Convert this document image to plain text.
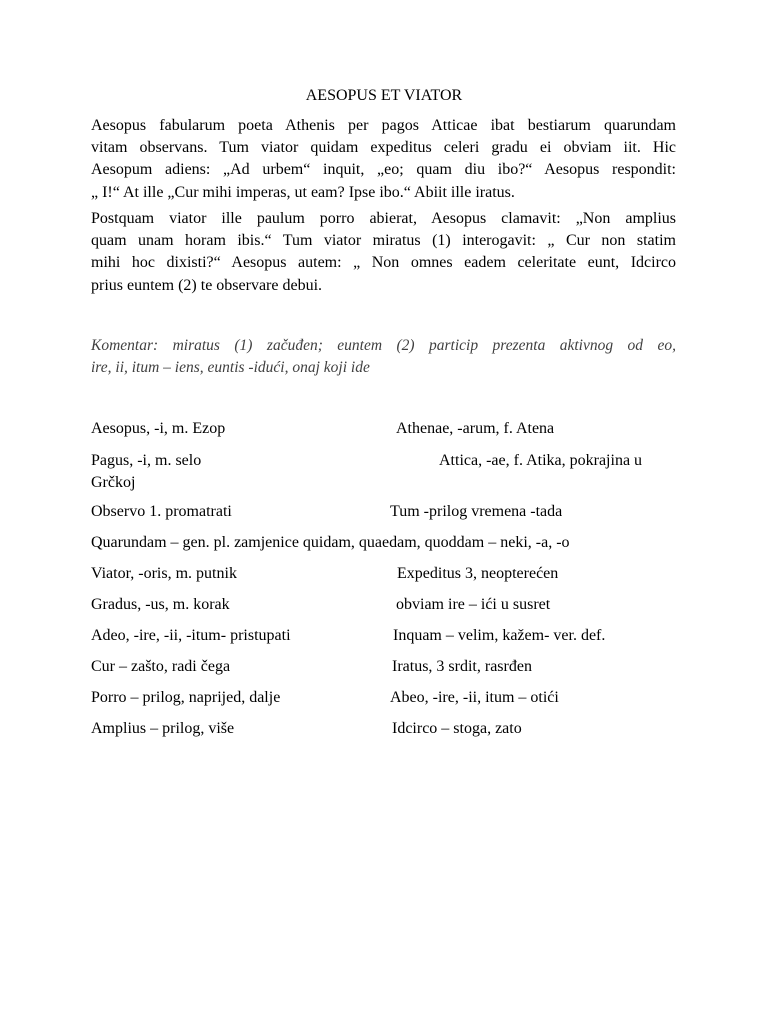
AESOPUS ET VIATOR
Aesopus fabularum poeta Athenis per pagos Atticae ibat bestiarum quarundam
vitam observans. Tum viator quidam expeditus celeri gradu ei obviam iit. Hic
Aesopum adiens: „Ad urbem“ inquit, „eo; quam diu ibo?“ Aesopus respondit:
„ I!“ At ille „Cur mihi imperas, ut eam? Ipse ibo.“ Abiit ille iratus.
Postquam viator ille paulum porro abierat, Aesopus clamavit: „Non amplius
quam unam horam ibis.“ Tum viator miratus (1) interogavit: „ Cur non statim
mihi hoc dixisti?“ Aesopus autem: „ Non omnes eadem celeritate eunt, Idcirco
prius euntem (2) te observare debui.
Komentar: miratus (1) začuđen; euntem (2) particip prezenta aktivnog od eo,
ire, ii, itum – iens, euntis -idući, onaj koji ide
Aesopus, -i, m. Ezop	Athenae, -arum, f. Atena
Pagus, -i, m. selo	Attica, -ae, f. Atika, pokrajina u
Grčkoj
Observo 1. promatrati	Tum -prilog vremena -tada
Quarundam – gen. pl. zamjenice quidam, quaedam, quoddam – neki, -a, -o
Viator, -oris, m. putnik	Expeditus 3, neopterećen
Gradus, -us, m. korak	obviam ire – ići u susret
Adeo, -ire, -ii, -itum- pristupati	Inquam – velim, kažem- ver. def.
Cur – zašto, radi čega	Iratus, 3 srdit, rasrđen
Porro – prilog, naprijed, dalje	Abeo, -ire, -ii, itum – otići
Amplius – prilog, više	Idcirco – stoga, zato
